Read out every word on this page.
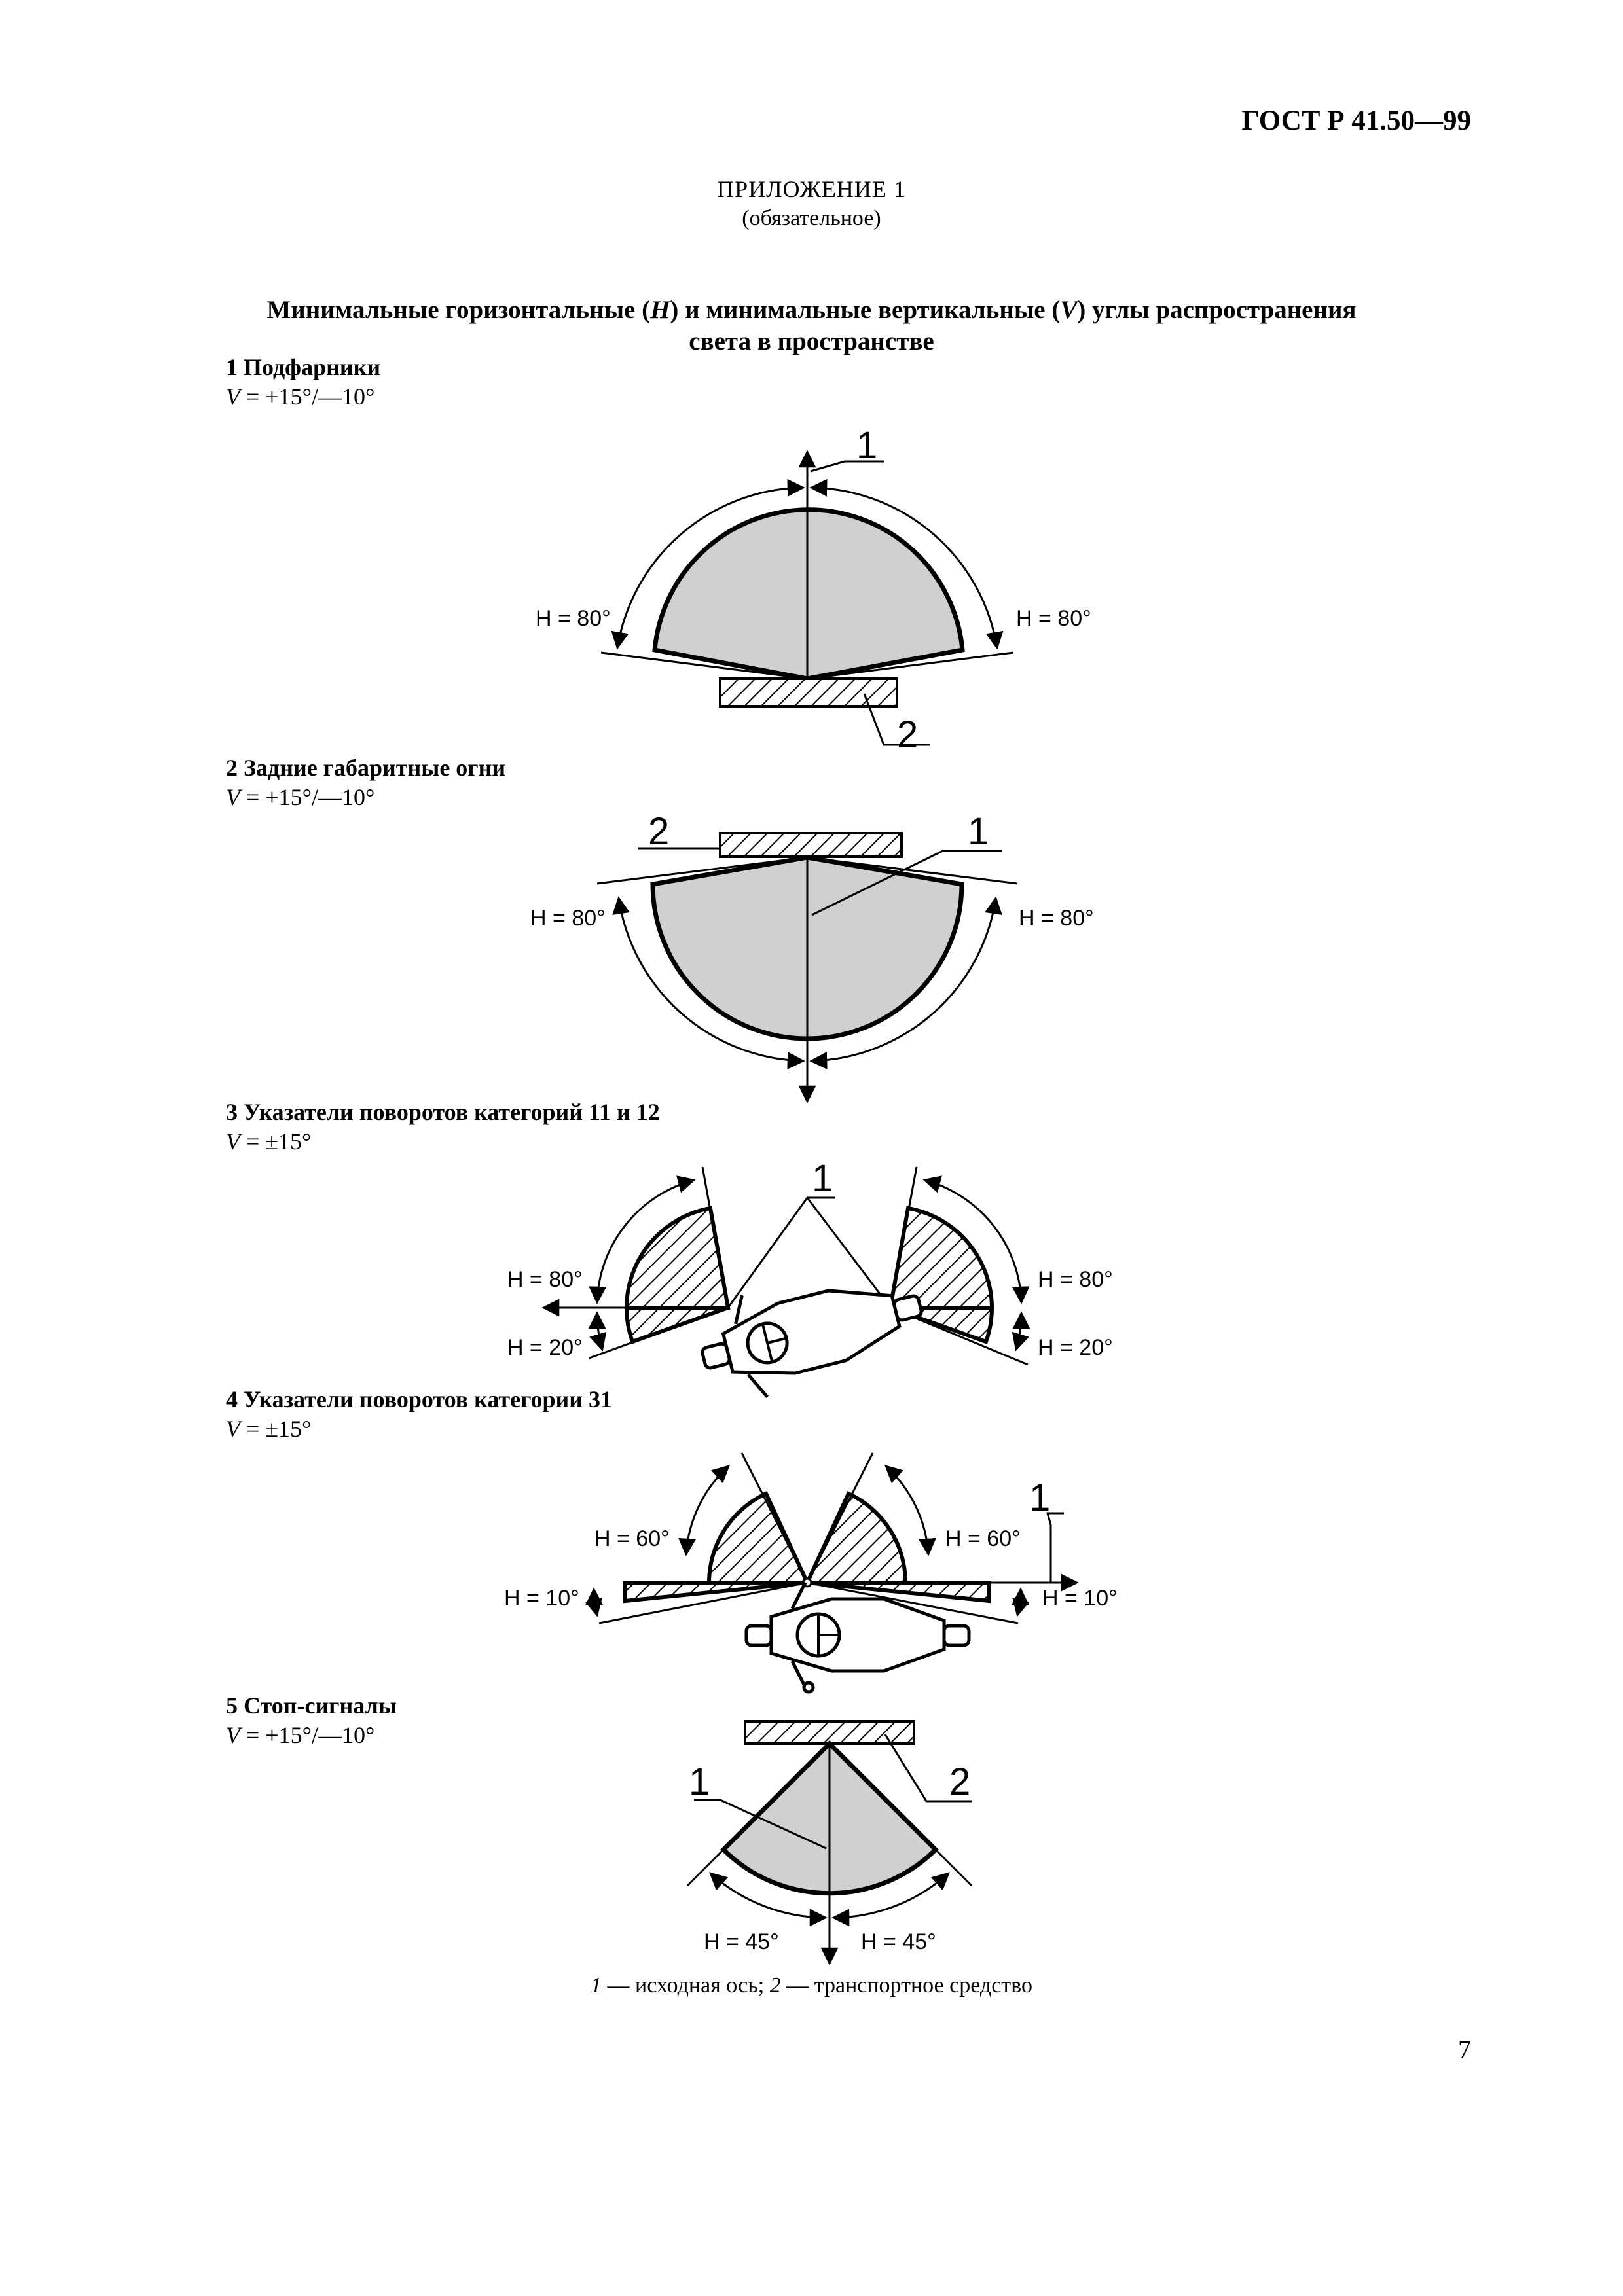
ГОСТ Р 41.50—99
ПРИЛОЖЕНИЕ 1
(обязательное)
Минимальные горизонтальные (H) и минимальные вертикальные (V) углы распространения
света в пространстве
1 Подфарники
V = +15°/—10°
2 Задние габаритные огни
V = +15°/—10°
3 Указатели поворотов категорий 11 и 12
V = ±15°
4 Указатели поворотов категории 31
V = ±15°
5 Стоп-сигналы
V = +15°/—10°
H = 80°	H = 80°
1
2
H = 80°	H = 80°
1
2
H = 80°
H = 20°
H = 80°
H = 20°
1
H = 60°
H = 10°
H = 60°
H = 10°
1
H = 45°	H = 45°
1	2
1 — исходная ось; 2 — транспортное средство
7
